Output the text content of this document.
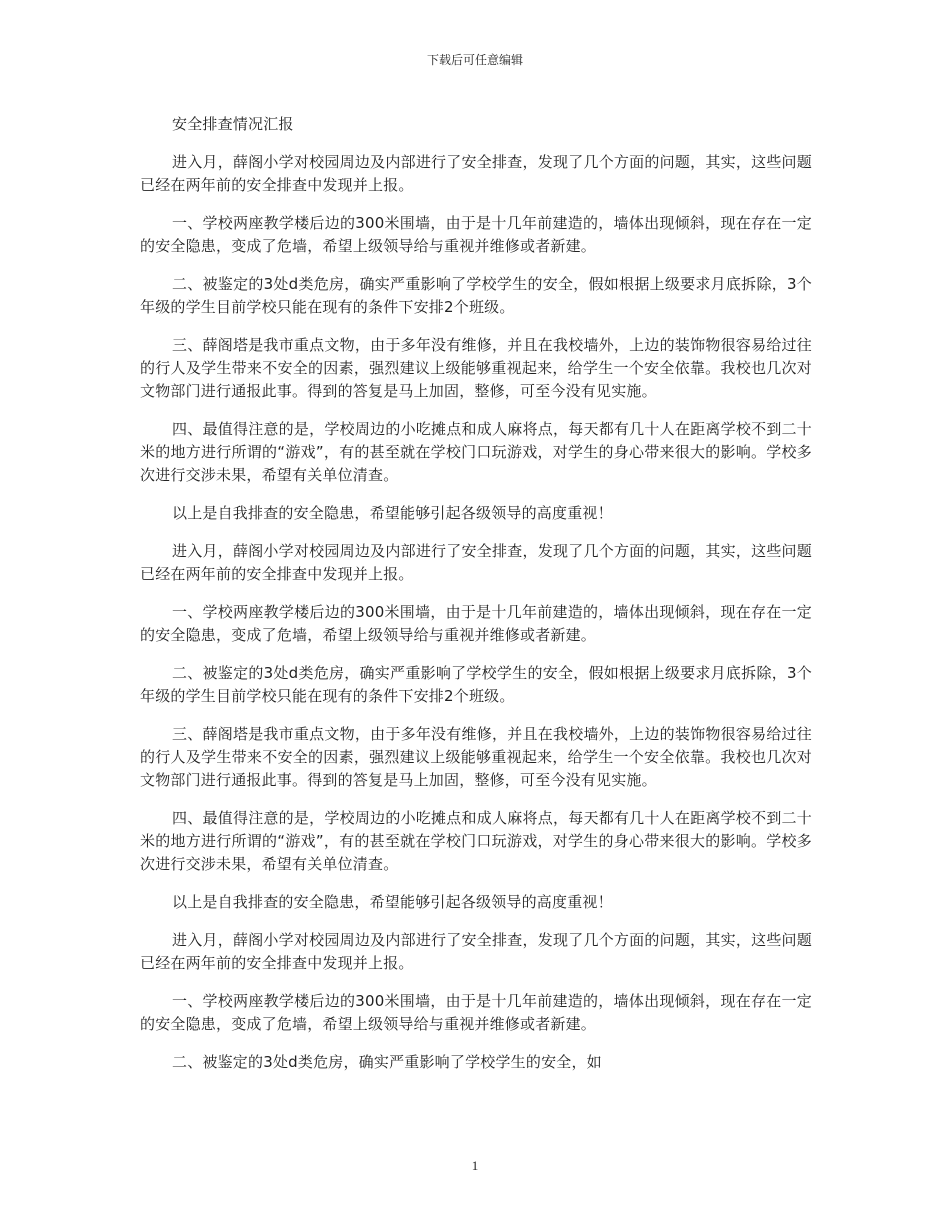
下载后可任意编辑

安全排查情况汇报

进入月，薛阁小学对校园周边及内部进行了安全排查，发现了几个方面的问题，其实，这些问题已经在两年前的安全排查中发现并上报。

一、学校两座教学楼后边的300米围墙，由于是十几年前建造的，墙体出现倾斜，现在存在一定的安全隐患，变成了危墙，希望上级领导给与重视并维修或者新建。

二、被鉴定的3处d类危房，确实严重影响了学校学生的安全，假如根据上级要求月底拆除，3个年级的学生目前学校只能在现有的条件下安排2个班级。

三、薛阁塔是我市重点文物，由于多年没有维修，并且在我校墙外，上边的装饰物很容易给过往的行人及学生带来不安全的因素，强烈建议上级能够重视起来，给学生一个安全依靠。我校也几次对文物部门进行通报此事。得到的答复是马上加固，整修，可至今没有见实施。

四、最值得注意的是，学校周边的小吃摊点和成人麻将点，每天都有几十人在距离学校不到二十米的地方进行所谓的“游戏”，有的甚至就在学校门口玩游戏，对学生的身心带来很大的影响。学校多次进行交涉未果，希望有关单位清查。

以上是自我排查的安全隐患，希望能够引起各级领导的高度重视！

进入月，薛阁小学对校园周边及内部进行了安全排查，发现了几个方面的问题，其实，这些问题已经在两年前的安全排查中发现并上报。

一、学校两座教学楼后边的300米围墙，由于是十几年前建造的，墙体出现倾斜，现在存在一定的安全隐患，变成了危墙，希望上级领导给与重视并维修或者新建。

二、被鉴定的3处d类危房，确实严重影响了学校学生的安全，假如根据上级要求月底拆除，3个年级的学生目前学校只能在现有的条件下安排2个班级。

三、薛阁塔是我市重点文物，由于多年没有维修，并且在我校墙外，上边的装饰物很容易给过往的行人及学生带来不安全的因素，强烈建议上级能够重视起来，给学生一个安全依靠。我校也几次对文物部门进行通报此事。得到的答复是马上加固，整修，可至今没有见实施。

四、最值得注意的是，学校周边的小吃摊点和成人麻将点，每天都有几十人在距离学校不到二十米的地方进行所谓的“游戏”，有的甚至就在学校门口玩游戏，对学生的身心带来很大的影响。学校多次进行交涉未果，希望有关单位清查。

以上是自我排查的安全隐患，希望能够引起各级领导的高度重视！

进入月，薛阁小学对校园周边及内部进行了安全排查，发现了几个方面的问题，其实，这些问题已经在两年前的安全排查中发现并上报。

一、学校两座教学楼后边的300米围墙，由于是十几年前建造的，墙体出现倾斜，现在存在一定的安全隐患，变成了危墙，希望上级领导给与重视并维修或者新建。

二、被鉴定的3处d类危房，确实严重影响了学校学生的安全，如

1
